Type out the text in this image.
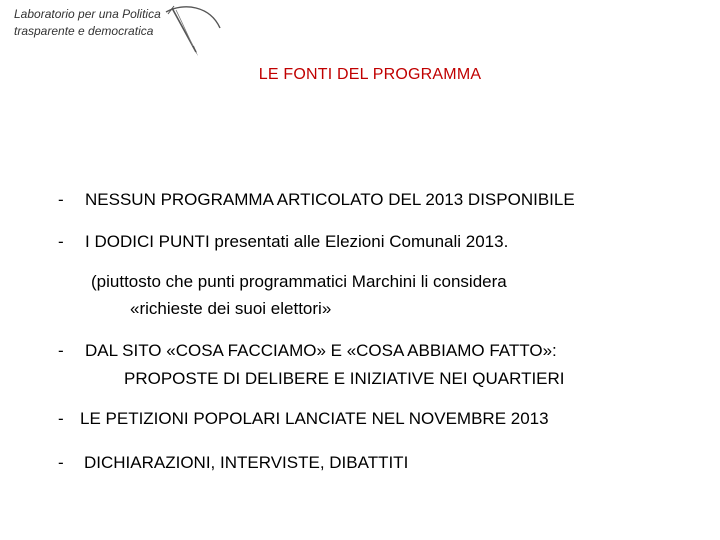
Laboratorio per una Politica
trasparente e democratica
LE FONTI DEL PROGRAMMA
- NESSUN PROGRAMMA ARTICOLATO DEL 2013 DISPONIBILE
- I DODICI PUNTI presentati alle Elezioni Comunali 2013.
(piuttosto che punti programmatici Marchini li considera
«richieste dei suoi elettori»
- DAL SITO «COSA FACCIAMO» E «COSA ABBIAMO FATTO»:
PROPOSTE DI DELIBERE E INIZIATIVE NEI QUARTIERI
- LE PETIZIONI POPOLARI LANCIATE NEL NOVEMBRE 2013
- DICHIARAZIONI, INTERVISTE, DIBATTITI
